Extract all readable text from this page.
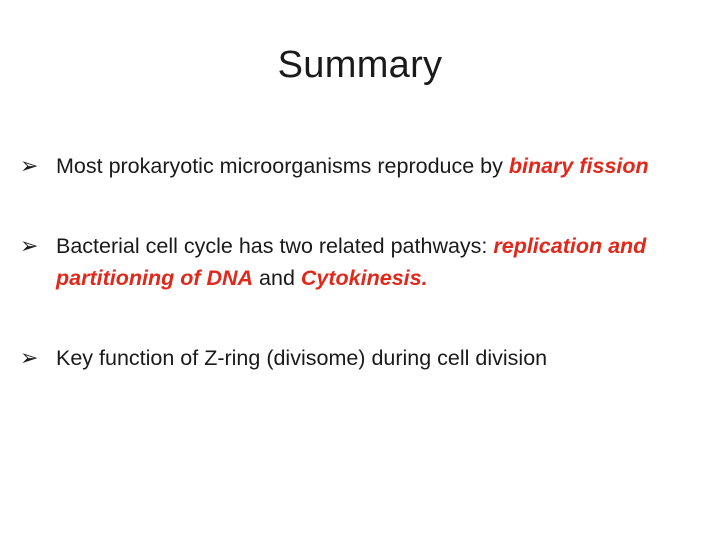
Summary
➢ Most prokaryotic microorganisms reproduce by binary fission
➢ Bacterial cell cycle has two related pathways: replication and partitioning of DNA and Cytokinesis.
➢ Key function of Z-ring (divisome) during cell division
